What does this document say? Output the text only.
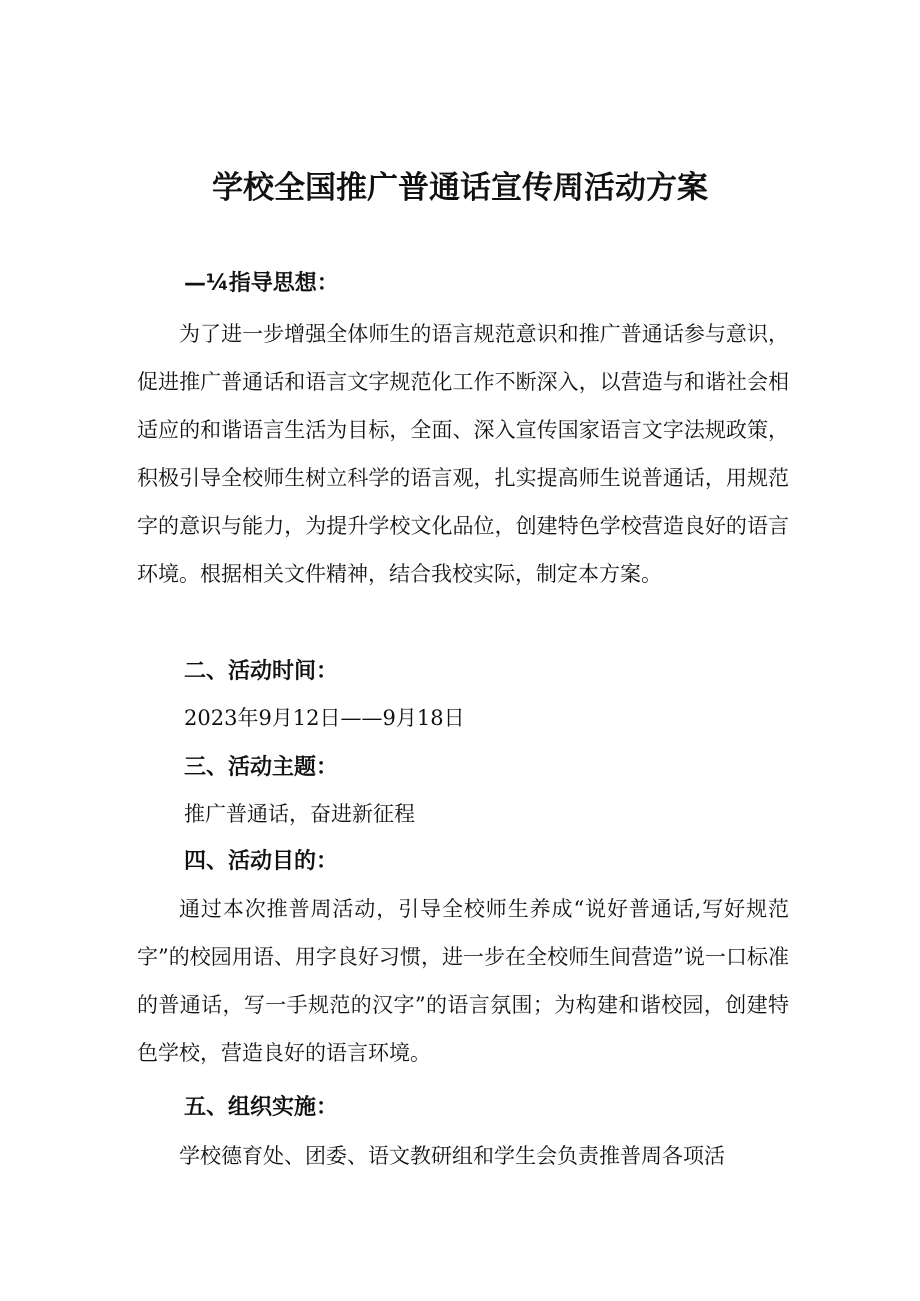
学校全国推广普通话宣传周活动方案
—¼指导思想：

为了进一步增强全体师生的语言规范意识和推广普通话参与意识，促进推广普通话和语言文字规范化工作不断深入，以营造与和谐社会相适应的和谐语言生活为目标，全面、深入宣传国家语言文字法规政策，积极引导全校师生树立科学的语言观，扎实提高师生说普通话，用规范字的意识与能力，为提升学校文化品位，创建特色学校营造良好的语言环境。根据相关文件精神，结合我校实际，制定本方案。

二、活动时间：
2023年9月12日——9月18日
三、活动主题：
推广普通话，奋进新征程
四、活动目的：

通过本次推普周活动，引导全校师生养成“说好普通话,写好规范字”的校园用语、用字良好习惯，进一步在全校师生间营造”说一口标准的普通话，写一手规范的汉字”的语言氛围；为构建和谐校园，创建特色学校，营造良好的语言环境。

五、组织实施：

学校德育处、团委、语文教研组和学生会负责推普周各项活
